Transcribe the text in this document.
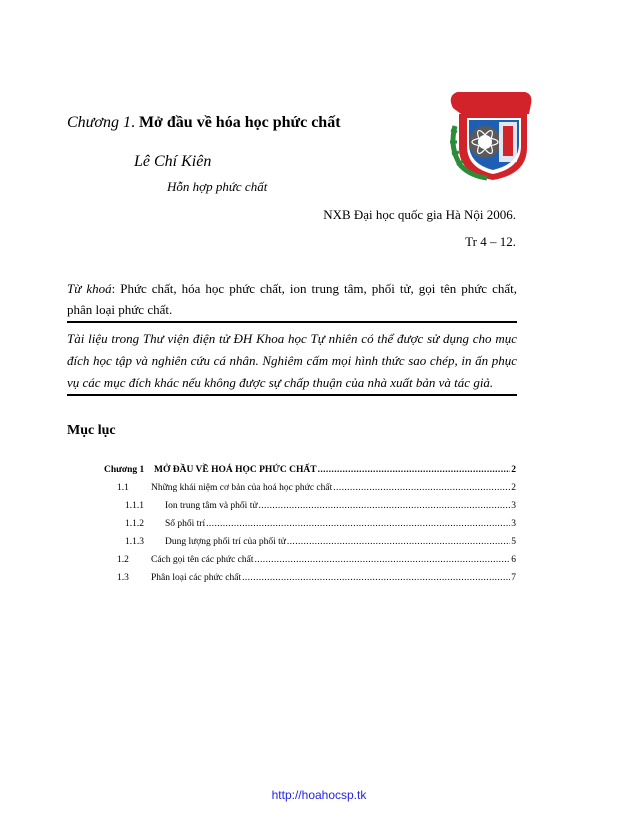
Chương 1. Mở đầu về hóa học phức chất
Lê Chí Kiên
Hỗn hợp phức chất
NXB Đại học quốc gia Hà Nội 2006.
Tr 4 – 12.
Từ khoá: Phức chất, hóa học phức chất, ion trung tâm, phối tử, gọi tên phức chất, phân loại phức chất.
Tài liệu trong Thư viện điện tử ĐH Khoa học Tự nhiên có thể được sử dụng cho mục đích học tập và nghiên cứu cá nhân. Nghiêm cấm mọi hình thức sao chép, in ấn phục vụ các mục đích khác nếu không được sự chấp thuận của nhà xuất bản và tác giả.
Mục lục
Chương 1	MỞ ĐẦU VỀ HOÁ HỌC PHỨC CHẤT .....	2
1.1	Những khái niệm cơ bản của hoá học phức chất .....	2
1.1.1	Ion trung tâm và phối tử .....	3
1.1.2	Số phối trí .....	3
1.1.3	Dung lượng phối trí của phối tử .....	5
1.2	Cách gọi tên các phức chất .....	6
1.3	Phân loại các phức chất .....	7
http://hoahocsp.tk
